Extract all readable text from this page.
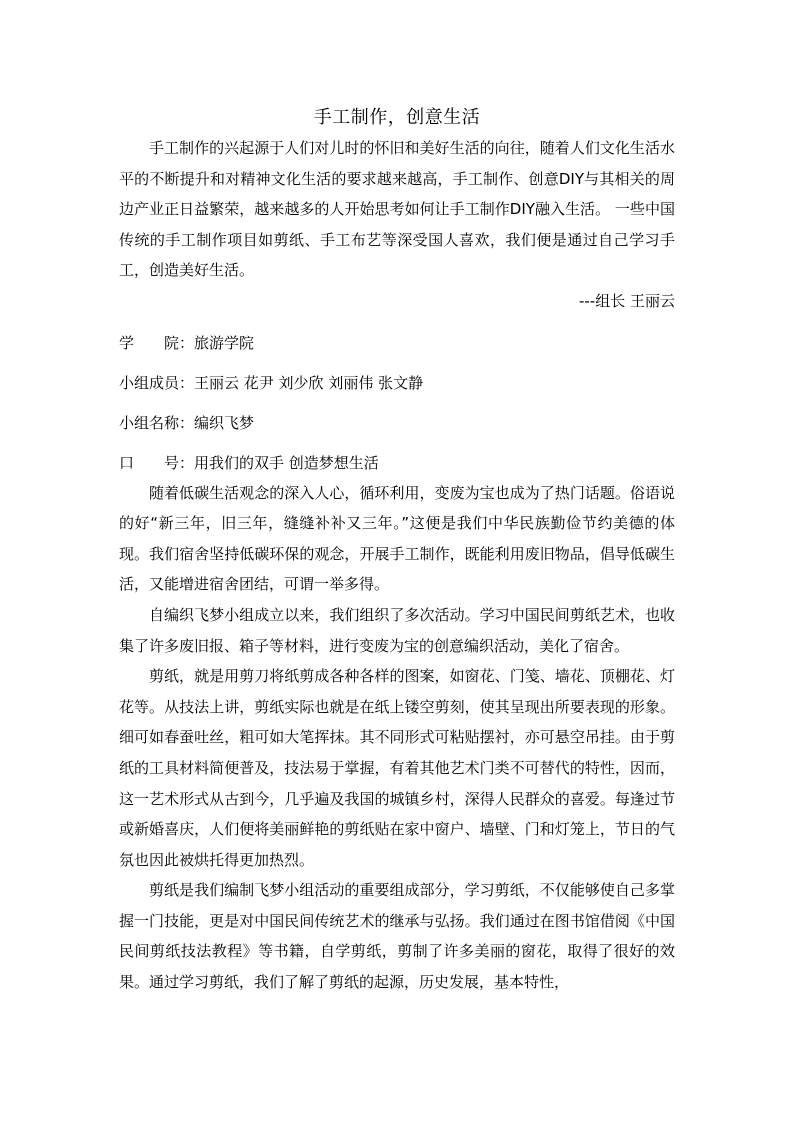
手工制作，创意生活

手工制作的兴起源于人们对儿时的怀旧和美好生活的向往，随着人们文化生活水平的不断提升和对精神文化生活的要求越来越高，手工制作、创意DIY与其相关的周边产业正日益繁荣，越来越多的人开始思考如何让手工制作DIY融入生活。 一些中国传统的手工制作项目如剪纸、手工布艺等深受国人喜欢，我们便是通过自己学习手工，创造美好生活。

---组长 王丽云

学　　院：旅游学院

小组成员：王丽云 花尹 刘少欣 刘丽伟 张文静

小组名称：编织飞梦

口　　号：用我们的双手 创造梦想生活

随着低碳生活观念的深入人心，循环利用，变废为宝也成为了热门话题。俗语说的好“新三年，旧三年，缝缝补补又三年。”这便是我们中华民族勤俭节约美德的体现。我们宿舍坚持低碳环保的观念，开展手工制作，既能利用废旧物品，倡导低碳生活，又能增进宿舍团结，可谓一举多得。

自编织飞梦小组成立以来，我们组织了多次活动。学习中国民间剪纸艺术，也收集了许多废旧报、箱子等材料，进行变废为宝的创意编织活动，美化了宿舍。

剪纸，就是用剪刀将纸剪成各种各样的图案，如窗花、门笺、墙花、顶棚花、灯花等。从技法上讲，剪纸实际也就是在纸上镂空剪刻，使其呈现出所要表现的形象。细可如春蚕吐丝，粗可如大笔挥抹。其不同形式可粘贴摆衬，亦可悬空吊挂。由于剪纸的工具材料简便普及，技法易于掌握，有着其他艺术门类不可替代的特性，因而，这一艺术形式从古到今，几乎遍及我国的城镇乡村，深得人民群众的喜爱。每逢过节或新婚喜庆，人们便将美丽鲜艳的剪纸贴在家中窗户、墙壁、门和灯笼上，节日的气氛也因此被烘托得更加热烈。

剪纸是我们编制飞梦小组活动的重要组成部分，学习剪纸，不仅能够使自己多掌握一门技能，更是对中国民间传统艺术的继承与弘扬。我们通过在图书馆借阅《中国民间剪纸技法教程》等书籍，自学剪纸，剪制了许多美丽的窗花，取得了很好的效果。通过学习剪纸，我们了解了剪纸的起源，历史发展，基本特性，
